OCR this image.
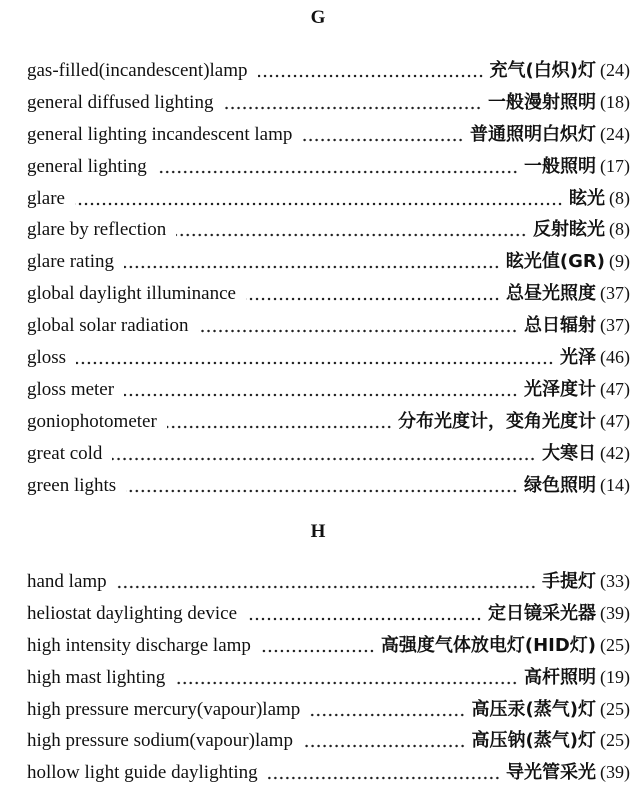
G
gas-filled(incandescent)lamp	充气(白炽)灯 (24)
general diffused lighting	一般漫射照明 (18)
general lighting incandescent lamp	普通照明白炽灯 (24)
general lighting	一般照明 (17)
glare	眩光 (8)
glare by reflection	反射眩光 (8)
glare rating	眩光值(GR) (9)
global daylight illuminance	总昼光照度 (37)
global solar radiation	总日辐射 (37)
gloss	光泽 (46)
gloss meter	光泽度计 (47)
goniophotometer	分布光度计，变角光度计 (47)
great cold	大寒日 (42)
green lights	绿色照明 (14)
H
hand lamp	手提灯 (33)
heliostat daylighting device	定日镜采光器 (39)
high intensity discharge lamp	高强度气体放电灯(HID灯) (25)
high mast lighting	高杆照明 (19)
high pressure mercury(vapour)lamp	高压汞(蒸气)灯 (25)
high pressure sodium(vapour)lamp	高压钠(蒸气)灯 (25)
hollow light guide daylighting	导光管采光 (39)
